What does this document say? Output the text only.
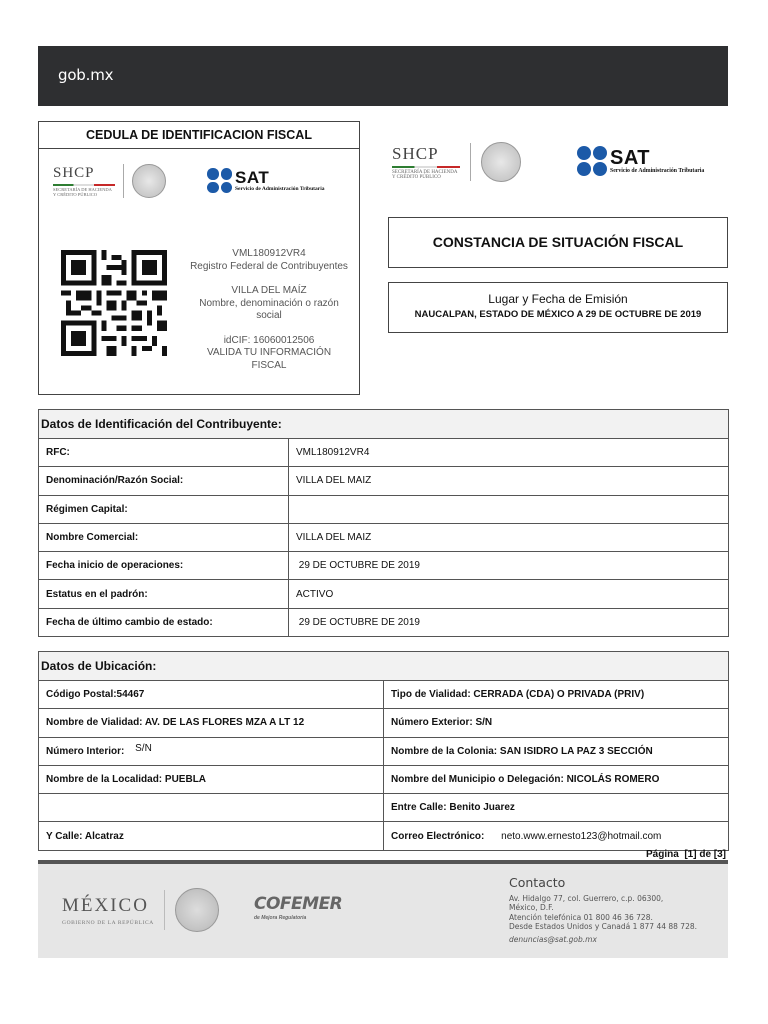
gob.mx
CEDULA DE IDENTIFICACION FISCAL
SHCP
SECRETARÍA DE HACIENDA
Y CRÉDITO PÚBLICO
SAT
Servicio de Administración Tributaria
VML180912VR4
Registro Federal de Contribuyentes
VILLA DEL MAÍZ
Nombre, denominación o razón social
idCIF: 16060012506
VALIDA TU INFORMACIÓN FISCAL
SHCP
SECRETARÍA DE HACIENDA
Y CRÉDITO PÚBLICO
SAT
Servicio de Administración Tributaria
CONSTANCIA DE SITUACIÓN FISCAL
Lugar y Fecha de Emisión
NAUCALPAN, ESTADO DE MÉXICO A 29 DE OCTUBRE DE 2019
Datos de Identificación del Contribuyente:	
RFC:	VML180912VR4
Denominación/Razón Social:	VILLA DEL MAIZ
Régimen Capital:	
Nombre Comercial:	VILLA DEL MAIZ
Fecha inicio de operaciones:	29 DE OCTUBRE DE 2019
Estatus en el padrón:	ACTIVO
Fecha de último cambio de estado:	29 DE OCTUBRE DE 2019
Datos de Ubicación:	
Código Postal:54467	Tipo de Vialidad: CERRADA (CDA) O PRIVADA (PRIV)
Nombre de Vialidad: AV. DE LAS FLORES MZA A LT 12	Número Exterior: S/N
Número Interior: S/N	Nombre de la Colonia: SAN ISIDRO LA PAZ 3 SECCIÓN
Nombre de la Localidad: PUEBLA	Nombre del Municipio o Delegación: NICOLÁS ROMERO
	Entre Calle: Benito Juarez
Y Calle: Alcatraz	Correo Electrónico: neto.www.ernesto123@hotmail.com
Página  [1] de [3]
MÉXICO
GOBIERNO DE LA REPÚBLICA
COFEMER
de Mejora Regulatoria
Contacto
Av. Hidalgo 77, col. Guerrero, c.p. 06300,
México, D.F.
Atención telefónica 01 800 46 36 728.
Desde Estados Unidos y Canadá 1 877 44 88 728.
denuncias@sat.gob.mx
